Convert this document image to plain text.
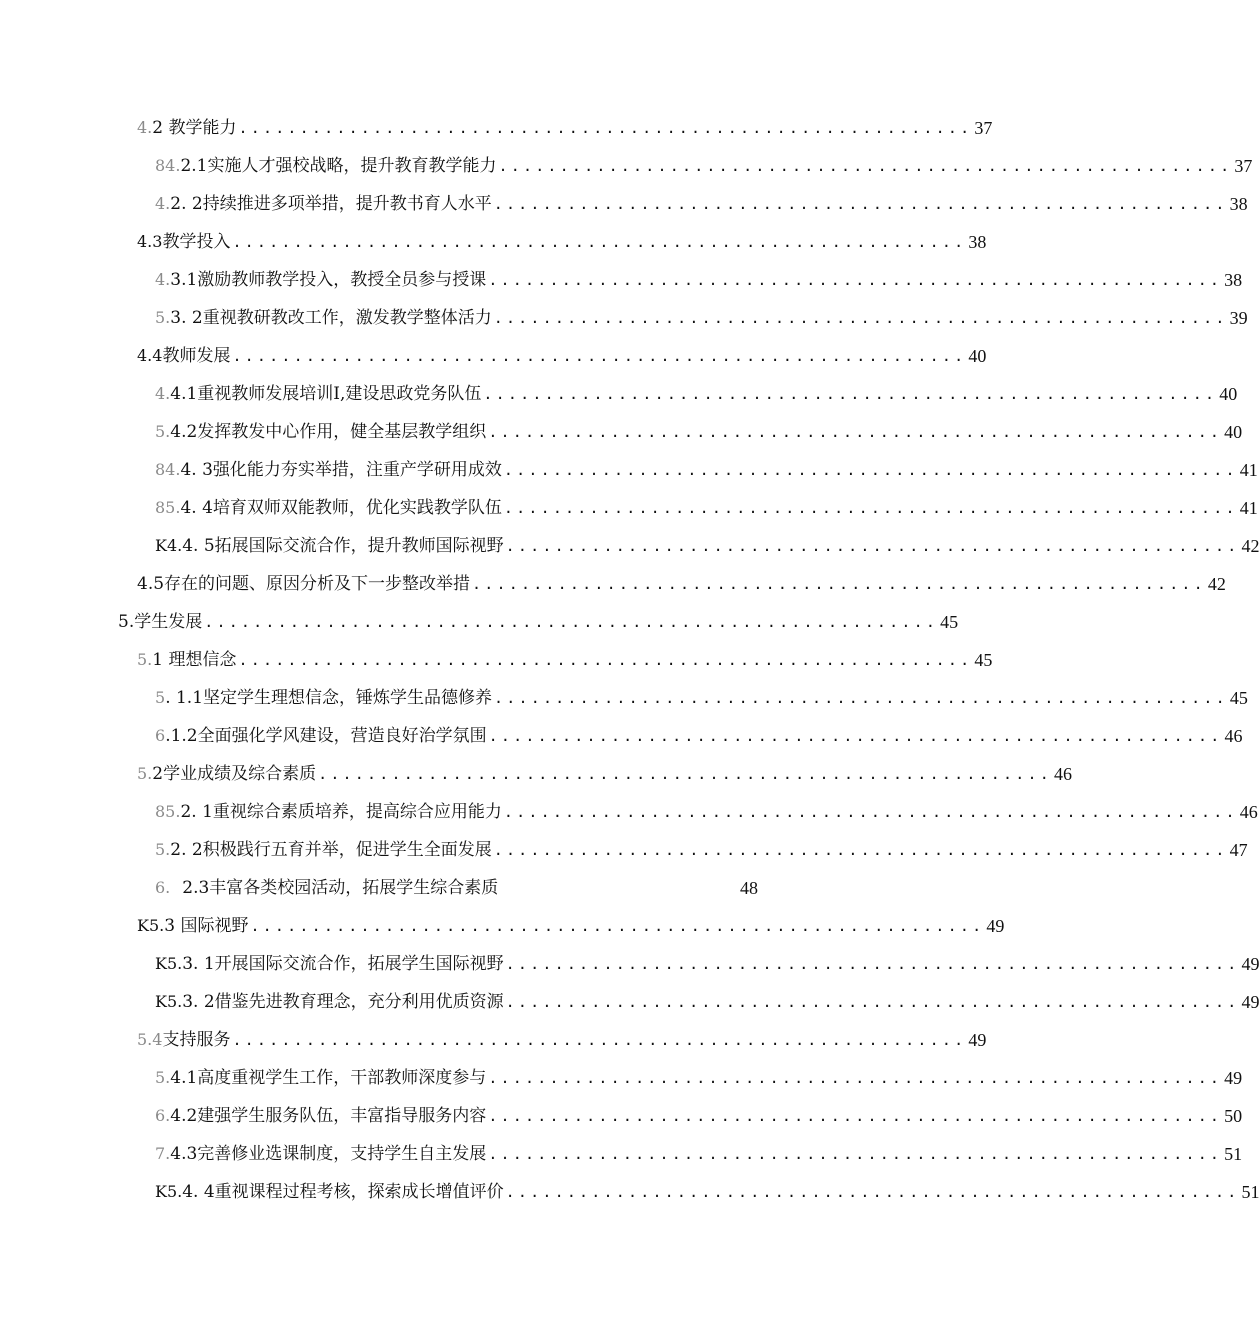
4. 2 教学能力 ............................................................ 37
84. 2.1实施人才强校战略，提升教育教学能力 ............................................................ 37
4. 2. 2持续推进多项举措，提升教书育人水平 ............................................................ 38
4.3 教学投入 ............................................................ 38
4. 3.1激励教师教学投入，教授全员参与授课 ............................................................ 38
5. 3. 2重视教研教改工作，激发教学整体活力 ............................................................ 39
4.4 教师发展 ............................................................ 40
4. 4.1重视教师发展培训I,建设思政党务队伍 ............................................................ 40
5. 4.2发挥教发中心作用，健全基层教学组织 ............................................................ 40
84. 4. 3强化能力夯实举措，注重产学研用成效 ............................................................ 41
85. 4. 4培育双师双能教师，优化实践教学队伍 ............................................................ 41
K4. 4. 5拓展国际交流合作，提升教师国际视野 ............................................................ 42
4.5存在的问题、原因分析及下一步整改举措 ............................................................ 42
5.学生发展 ............................................................ 45
5. 1 理想信念 ............................................................ 45
5 . 1.1坚定学生理想信念，锤炼学生品德修养 ............................................................ 45
6 .1.2全面强化学风建设，营造良好治学氛围 ............................................................ 46
5. 2学业成绩及综合素质 ............................................................ 46
85. 2. 1重视综合素质培养，提高综合应用能力 ............................................................ 46
5. 2. 2积极践行五育并举，促进学生全面发展 ............................................................ 47
6. 2.3丰富各类校园活动，拓展学生综合素质	48
K5. 3 国际视野 ............................................................ 49
K5. 3. 1开展国际交流合作，拓展学生国际视野 ............................................................ 49
K5. 3. 2借鉴先进教育理念，充分利用优质资源 ............................................................ 49
5.4 支持服务 ............................................................ 49
5. 4.1高度重视学生工作，干部教师深度参与 ............................................................ 49
6. 4.2建强学生服务队伍，丰富指导服务内容 ............................................................ 50
7. 4.3完善修业选课制度，支持学生自主发展 ............................................................ 51
K5. 4. 4重视课程过程考核，探索成长增值评价 ............................................................ 51
